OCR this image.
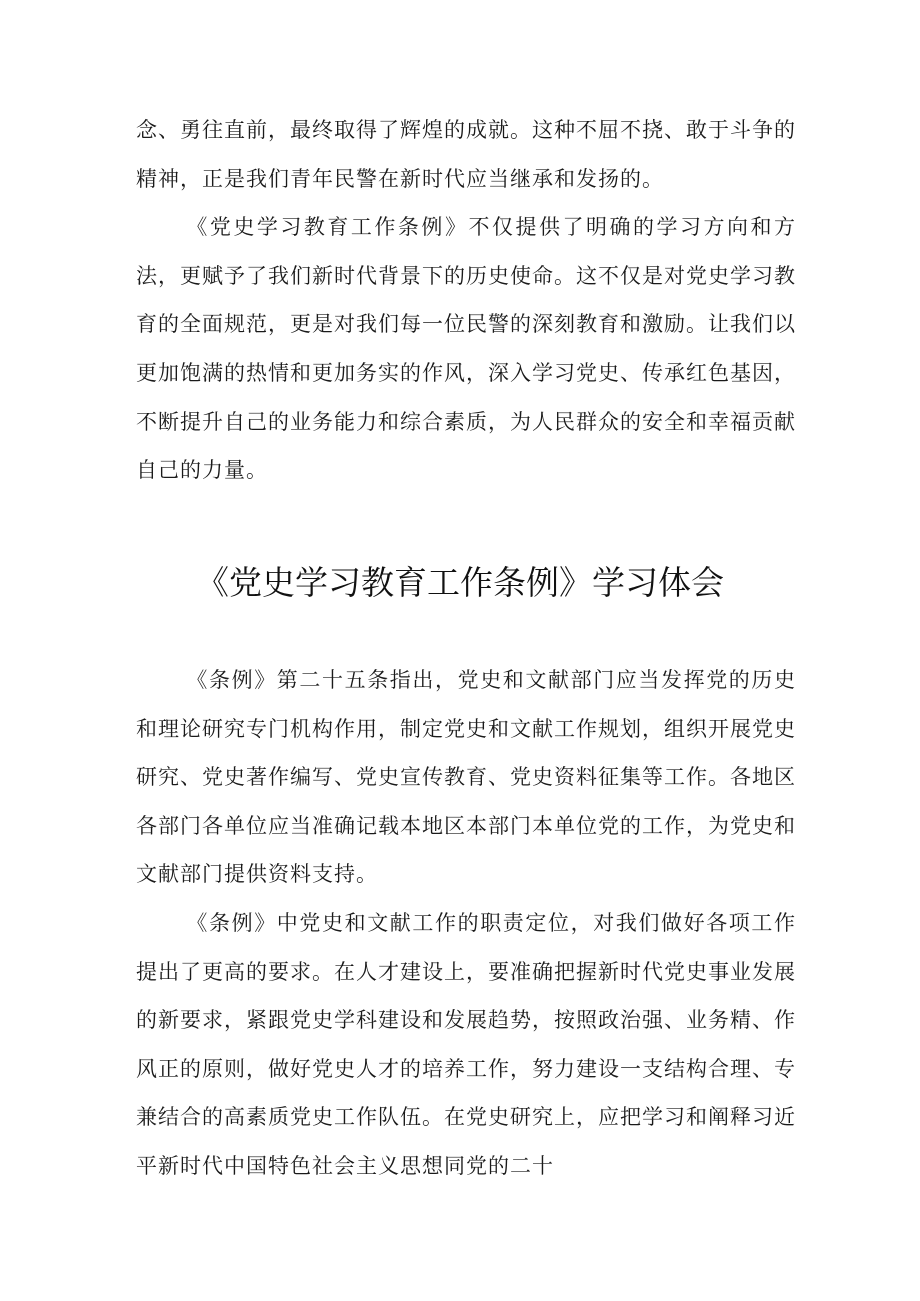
念、勇往直前，最终取得了辉煌的成就。这种不屈不挠、敢于斗争的精神，正是我们青年民警在新时代应当继承和发扬的。

《党史学习教育工作条例》不仅提供了明确的学习方向和方法，更赋予了我们新时代背景下的历史使命。这不仅是对党史学习教育的全面规范，更是对我们每一位民警的深刻教育和激励。让我们以更加饱满的热情和更加务实的作风，深入学习党史、传承红色基因，不断提升自己的业务能力和综合素质，为人民群众的安全和幸福贡献自己的力量。

《党史学习教育工作条例》学习体会

《条例》第二十五条指出，党史和文献部门应当发挥党的历史和理论研究专门机构作用，制定党史和文献工作规划，组织开展党史研究、党史著作编写、党史宣传教育、党史资料征集等工作。各地区各部门各单位应当准确记载本地区本部门本单位党的工作，为党史和文献部门提供资料支持。

《条例》中党史和文献工作的职责定位，对我们做好各项工作提出了更高的要求。在人才建设上，要准确把握新时代党史事业发展的新要求，紧跟党史学科建设和发展趋势，按照政治强、业务精、作风正的原则，做好党史人才的培养工作，努力建设一支结构合理、专兼结合的高素质党史工作队伍。在党史研究上，应把学习和阐释习近平新时代中国特色社会主义思想同党的二十
